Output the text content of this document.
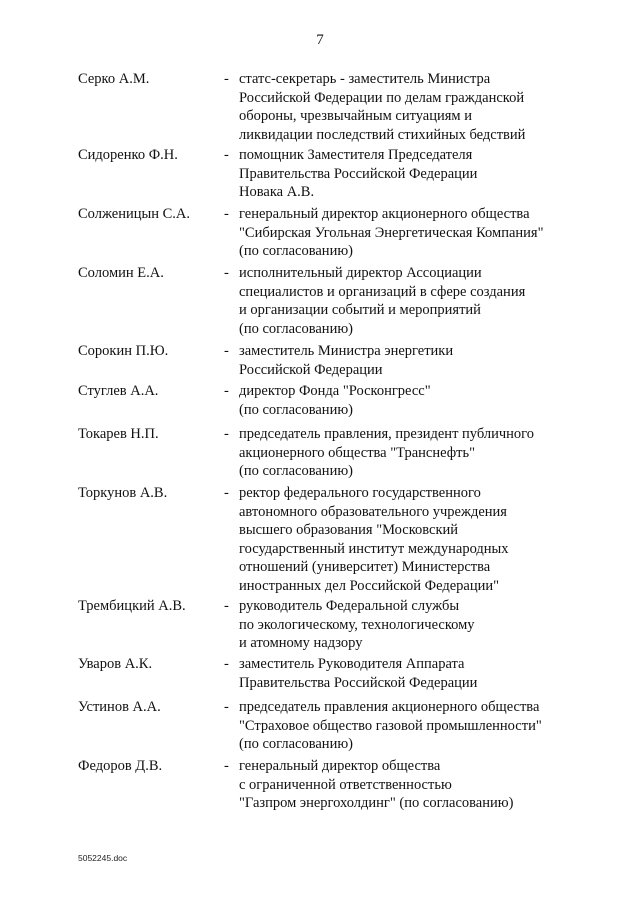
7
Серко А.М.	- статс-секретарь - заместитель Министра
Российской Федерации по делам гражданской
обороны, чрезвычайным ситуациям и
ликвидации последствий стихийных бедствий
Сидоренко Ф.Н.	- помощник Заместителя Председателя
Правительства Российской Федерации
Новака А.В.
Солженицын С.А. - генеральный директор акционерного общества
"Сибирская Угольная Энергетическая Компания"
(по согласованию)
Соломин Е.А.	- исполнительный директор Ассоциации
специалистов и организаций в сфере создания
и организации событий и мероприятий
(по согласованию)
Сорокин П.Ю.	- заместитель Министра энергетики
Российской Федерации
Стуглев А.А.	- директор Фонда "Росконгресс"
(по согласованию)
Токарев Н.П.	- председатель правления, президент публичного
акционерного общества "Транснефть"
(по согласованию)
Торкунов А.В.	- ректор федерального государственного
автономного образовательного учреждения
высшего образования "Московский
государственный институт международных
отношений (университет) Министерства
иностранных дел Российской Федерации"
Трембицкий А.В.	- руководитель Федеральной службы
по экологическому, технологическому
и атомному надзору
Уваров А.К.	- заместитель Руководителя Аппарата
Правительства Российской Федерации
Устинов А.А.	- председатель правления акционерного общества
"Страховое общество газовой промышленности"
(по согласованию)
Федоров Д.В.	- генеральный директор общества
с ограниченной ответственностью
"Газпром энергохолдинг" (по согласованию)
5052245.doc
